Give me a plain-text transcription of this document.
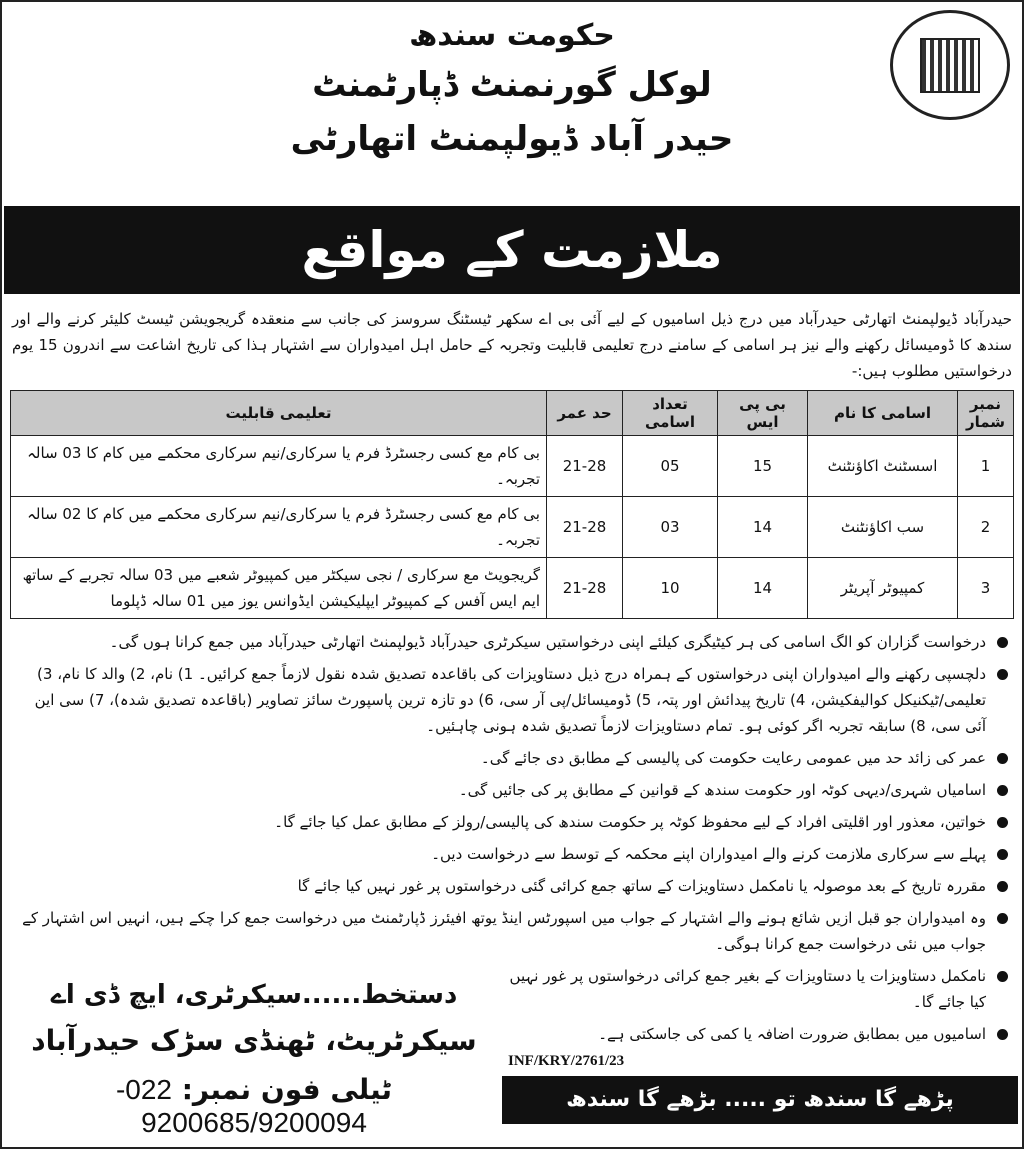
حکومت سندھ
لوکل گورنمنٹ ڈپارٹمنٹ
حیدر آباد ڈیولپمنٹ اتھارٹی
ملازمت کے مواقع
حیدرآباد ڈیولپمنٹ اتھارٹی حیدرآباد میں درج ذیل اسامیوں کے لیے آئی بی اے سکھر ٹیسٹنگ سروسز کی جانب سے منعقدہ گریجویشن ٹیسٹ کلیئر کرنے والے اور سندھ کا ڈومیسائل رکھنے والے نیز ہر اسامی کے سامنے درج تعلیمی قابلیت وتجربہ کے حامل اہل امیدواران سے اشتہار ہذا کی تاریخ اشاعت سے اندرون 15 یوم درخواستیں مطلوب ہیں:-
نمبر شمار	اسامی کا نام	بی پی ایس	تعداد اسامی	حد عمر	تعلیمی قابلیت
1	اسسٹنٹ اکاؤنٹنٹ	15	05	21-28	بی کام مع کسی رجسٹرڈ فرم یا سرکاری/نیم سرکاری محکمے میں کام کا 03 سالہ تجربہ۔
2	سب اکاؤنٹنٹ	14	03	21-28	بی کام مع کسی رجسٹرڈ فرم یا سرکاری/نیم سرکاری محکمے میں کام کا 02 سالہ تجربہ۔
3	کمپیوٹر آپریٹر	14	10	21-28	گریجویٹ مع سرکاری / نجی سیکٹر میں کمپیوٹر شعبے میں 03 سالہ تجربے کے ساتھ ایم ایس آفس کے کمپیوٹر ایپلیکیشن ایڈوانس یوز میں 01 سالہ ڈپلوما
درخواست گزاران کو الگ اسامی کی ہر کیٹیگری کیلئے اپنی درخواستیں سیکرٹری حیدرآباد ڈیولپمنٹ اتھارٹی حیدرآباد میں جمع کرانا ہوں گی۔
دلچسپی رکھنے والے امیدواران اپنی درخواستوں کے ہمراہ درج ذیل دستاویزات کی باقاعدہ تصدیق شدہ نقول لازماً جمع کرائیں۔ 1) نام، 2) والد کا نام، 3) تعلیمی/ٹیکنیکل کوالیفکیشن، 4) تاریخ پیدائش اور پتہ، 5) ڈومیسائل/پی آر سی، 6) دو تازہ ترین پاسپورٹ سائز تصاویر (باقاعدہ تصدیق شدہ)، 7) سی این آئی سی، 8) سابقہ تجربہ اگر کوئی ہو۔ تمام دستاویزات لازماً تصدیق شدہ ہونی چاہئیں۔
عمر کی زائد حد میں عمومی رعایت حکومت کی پالیسی کے مطابق دی جائے گی۔
اسامیاں شہری/دیہی کوٹہ اور حکومت سندھ کے قوانین کے مطابق پر کی جائیں گی۔
خواتین، معذور اور اقلیتی افراد کے لیے محفوظ کوٹہ پر حکومت سندھ کی پالیسی/رولز کے مطابق عمل کیا جائے گا۔
پہلے سے سرکاری ملازمت کرنے والے امیدواران اپنے محکمہ کے توسط سے درخواست دیں۔
مقررہ تاریخ کے بعد موصولہ یا نامکمل دستاویزات کے ساتھ جمع کرائی گئی درخواستوں پر غور نہیں کیا جائے گا
وہ امیدواران جو قبل ازیں شائع ہونے والے اشتہار کے جواب میں اسپورٹس اینڈ یوتھ افیئرز ڈپارٹمنٹ میں درخواست جمع کرا چکے ہیں، انہیں اس اشتہار کے جواب میں نئی درخواست جمع کرانا ہوگی۔
دستخط......سیکرٹری، ایچ ڈی اے
سیکرٹریٹ، ٹھنڈی سڑک حیدرآباد
ٹیلی فون نمبر: 022-9200685/9200094
نامکمل دستاویزات یا دستاویزات کے بغیر جمع کرائی درخواستوں پر غور نہیں کیا جائے گا۔
اسامیوں میں بمطابق ضرورت اضافہ یا کمی کی جاسکتی ہے۔
INF/KRY/2761/23
پڑھے گا سندھ تو ..... بڑھے گا سندھ
